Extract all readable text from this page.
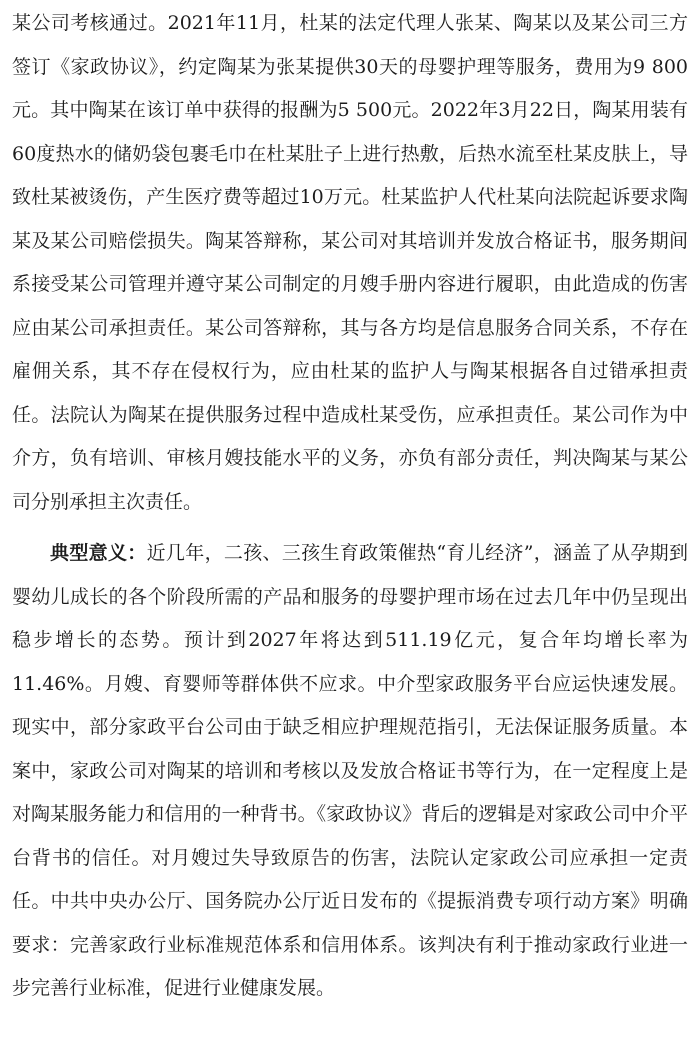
某公司考核通过。2021年11月，杜某的法定代理人张某、陶某以及某公司三方签订《家政协议》，约定陶某为张某提供30天的母婴护理等服务，费用为9 800元。其中陶某在该订单中获得的报酬为5 500元。2022年3月22日，陶某用装有60度热水的储奶袋包裹毛巾在杜某肚子上进行热敷，后热水流至杜某皮肤上，导致杜某被烫伤，产生医疗费等超过10万元。杜某监护人代杜某向法院起诉要求陶某及某公司赔偿损失。陶某答辩称，某公司对其培训并发放合格证书，服务期间系接受某公司管理并遵守某公司制定的月嫂手册内容进行履职，由此造成的伤害应由某公司承担责任。某公司答辩称，其与各方均是信息服务合同关系，不存在雇佣关系，其不存在侵权行为，应由杜某的监护人与陶某根据各自过错承担责任。法院认为陶某在提供服务过程中造成杜某受伤，应承担责任。某公司作为中介方，负有培训、审核月嫂技能水平的义务，亦负有部分责任，判决陶某与某公司分别承担主次责任。

典型意义：近几年，二孩、三孩生育政策催热“育儿经济”，涵盖了从孕期到婴幼儿成长的各个阶段所需的产品和服务的母婴护理市场在过去几年中仍呈现出稳步增长的态势。预计到2027年将达到511.19亿元，复合年均增长率为11.46%。月嫂、育婴师等群体供不应求。中介型家政服务平台应运快速发展。现实中，部分家政平台公司由于缺乏相应护理规范指引，无法保证服务质量。本案中，家政公司对陶某的培训和考核以及发放合格证书等行为，在一定程度上是对陶某服务能力和信用的一种背书。《家政协议》背后的逻辑是对家政公司中介平台背书的信任。对月嫂过失导致原告的伤害，法院认定家政公司应承担一定责任。中共中央办公厅、国务院办公厅近日发布的《提振消费专项行动方案》明确要求：完善家政行业标准规范体系和信用体系。该判决有利于推动家政行业进一步完善行业标准，促进行业健康发展。
